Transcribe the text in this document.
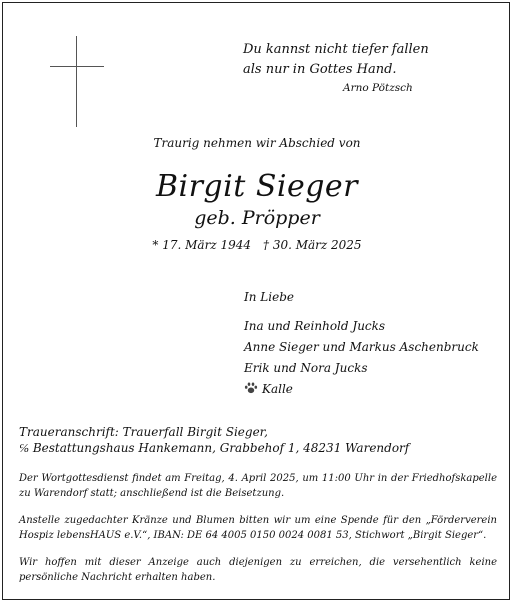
Du kannst nicht tiefer fallen
als nur in Gottes Hand.
Arno Pötzsch
Traurig nehmen wir Abschied von
Birgit Sieger
geb. Pröpper
* 17. März 1944 † 30. März 2025
In Liebe
Ina und Reinhold Jucks
Anne Sieger und Markus Aschenbruck
Erik und Nora Jucks
Kalle
Traueranschrift: Trauerfall Birgit Sieger,
℅ Bestattungshaus Hankemann, Grabbehof 1, 48231 Warendorf
Der Wortgottesdienst findet am Freitag, 4. April 2025, um 11:00 Uhr in der Friedhofskapelle zu Warendorf statt; anschließend ist die Beisetzung.
Anstelle zugedachter Kränze und Blumen bitten wir um eine Spende für den „Förderverein Hospiz lebensHAUS e.V.“, IBAN: DE 64 4005 0150 0024 0081 53, Stichwort „Birgit Sieger“.
Wir hoffen mit dieser Anzeige auch diejenigen zu erreichen, die versehentlich keine persönliche Nachricht erhalten haben.
